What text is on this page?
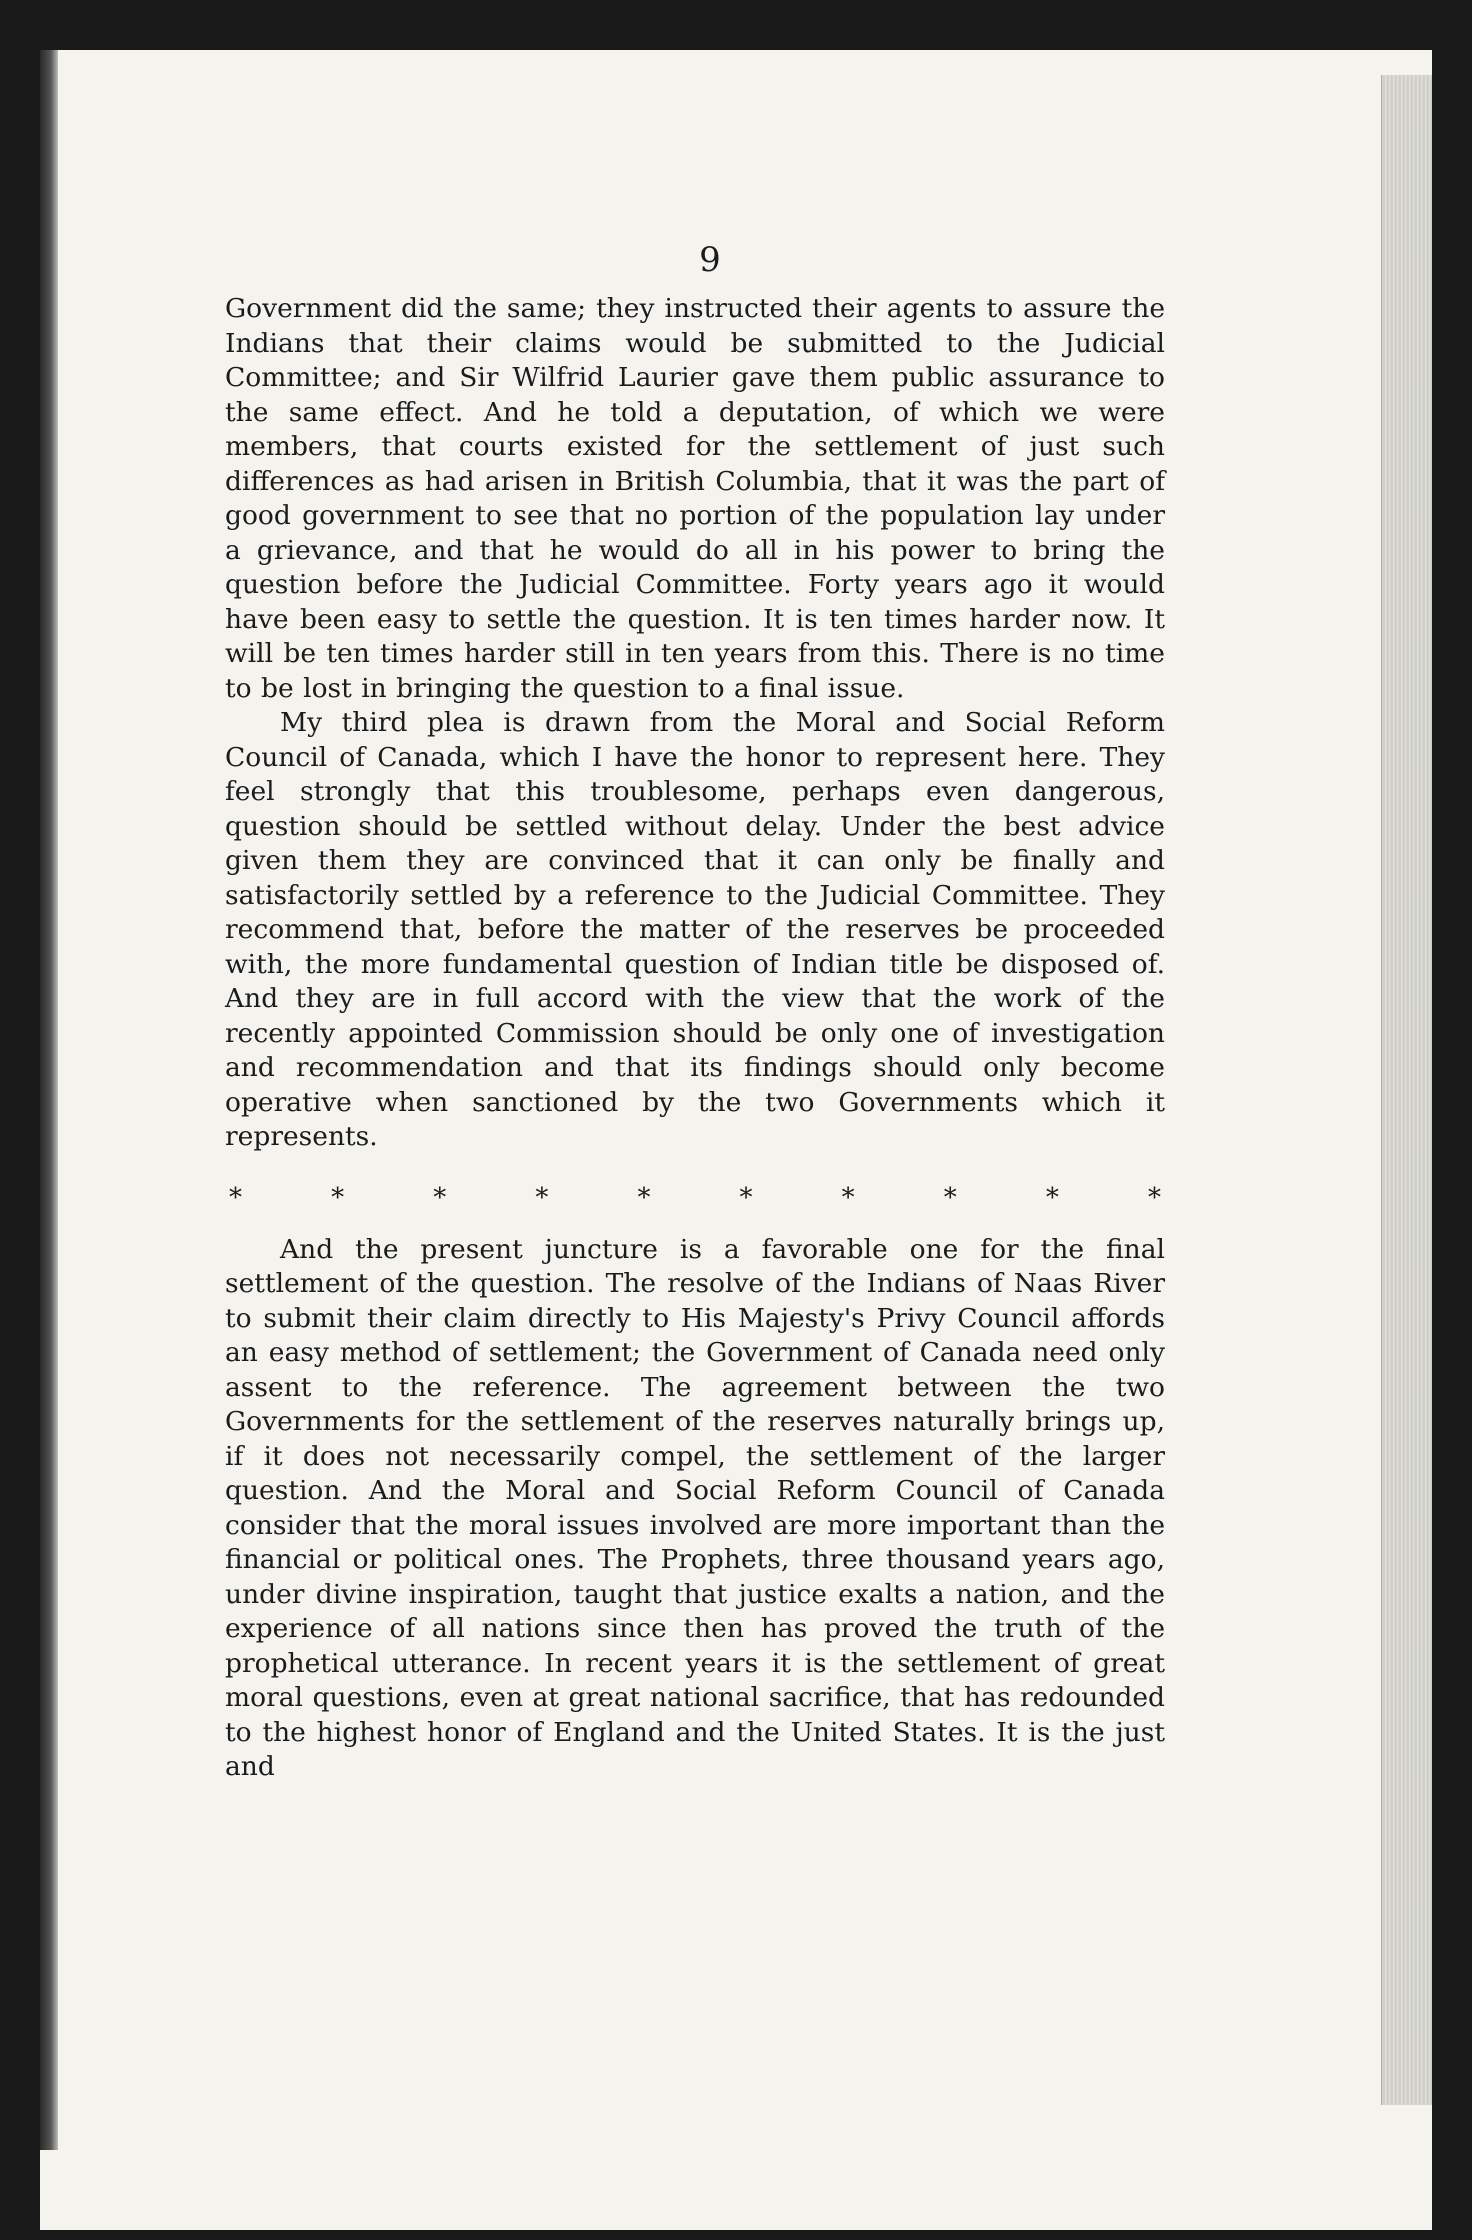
9

Government did the same; they instructed their agents to assure the Indians that their claims would be submitted to the Judicial Committee; and Sir Wilfrid Laurier gave them public assurance to the same effect. And he told a deputation, of which we were members, that courts existed for the settlement of just such differences as had arisen in British Columbia, that it was the part of good government to see that no portion of the population lay under a grievance, and that he would do all in his power to bring the question before the Judicial Committee. Forty years ago it would have been easy to settle the question. It is ten times harder now. It will be ten times harder still in ten years from this. There is no time to be lost in bringing the question to a final issue.

My third plea is drawn from the Moral and Social Reform Council of Canada, which I have the honor to represent here. They feel strongly that this troublesome, perhaps even dangerous, question should be settled without delay. Under the best advice given them they are convinced that it can only be finally and satisfactorily settled by a reference to the Judicial Committee. They recommend that, before the matter of the reserves be proceeded with, the more fundamental question of Indian title be disposed of. And they are in full accord with the view that the work of the recently appointed Commission should be only one of investigation and recommendation and that its findings should only become operative when sanctioned by the two Governments which it represents.

*	*	*	*	*	*	*	*	*	*

And the present juncture is a favorable one for the final settlement of the question. The resolve of the Indians of Naas River to submit their claim directly to His Majesty's Privy Council affords an easy method of settlement; the Government of Canada need only assent to the reference. The agreement between the two Governments for the settlement of the reserves naturally brings up, if it does not necessarily compel, the settlement of the larger question. And the Moral and Social Reform Council of Canada consider that the moral issues involved are more important than the financial or political ones. The Prophets, three thousand years ago, under divine inspiration, taught that justice exalts a nation, and the experience of all nations since then has proved the truth of the prophetical utterance. In recent years it is the settlement of great moral questions, even at great national sacrifice, that has redounded to the highest honor of England and the United States. It is the just and
